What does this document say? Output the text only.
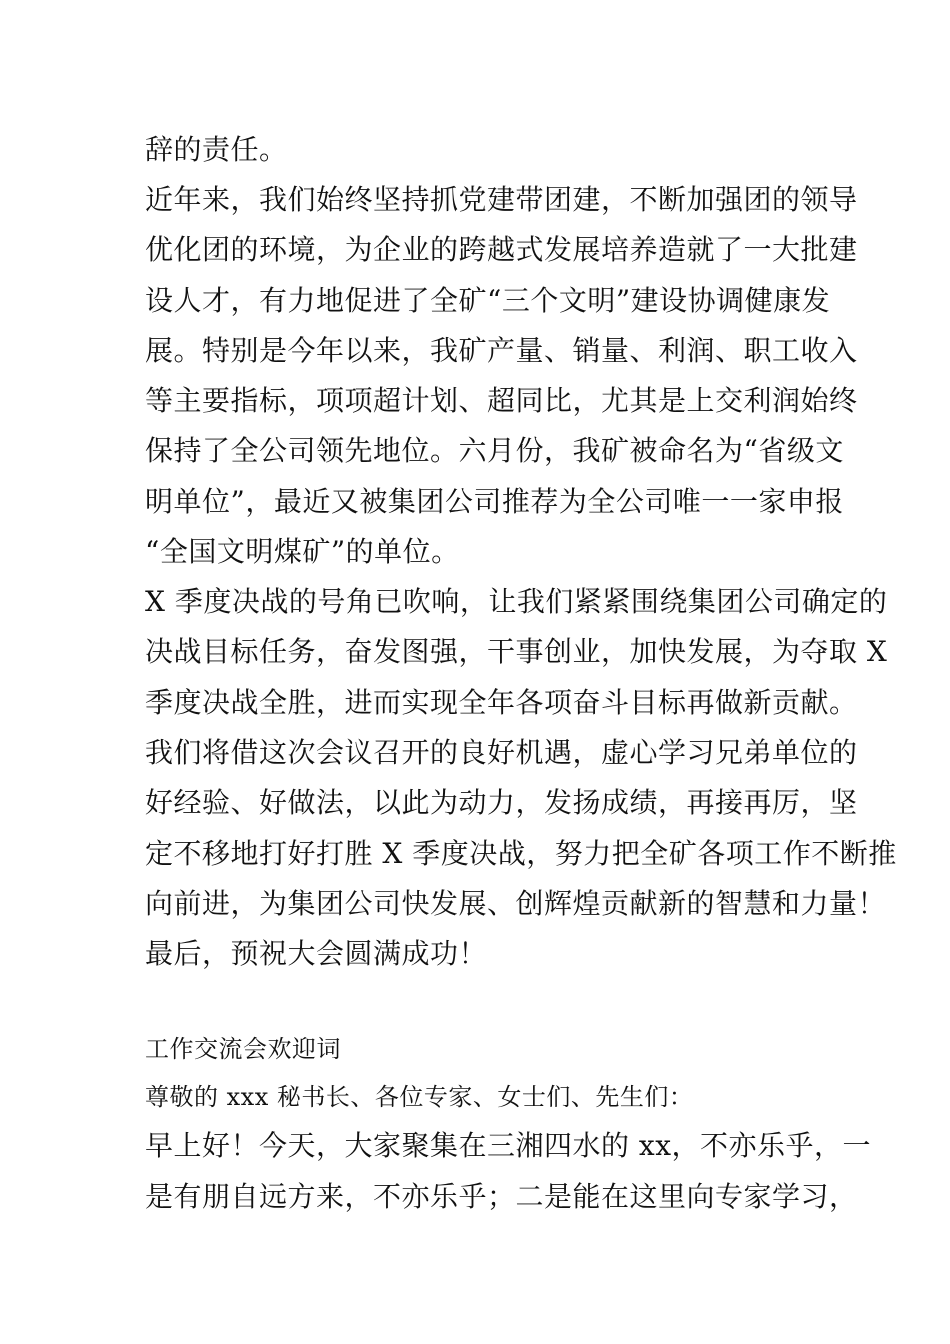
辞的责任。
近年来，我们始终坚持抓党建带团建，不断加强团的领导
优化团的环境，为企业的跨越式发展培养造就了一大批建
设人才，有力地促进了全矿“三个文明”建设协调健康发
展。特别是今年以来，我矿产量、销量、利润、职工收入
等主要指标，项项超计划、超同比，尤其是上交利润始终
保持了全公司领先地位。六月份，我矿被命名为“省级文
明单位”，最近又被集团公司推荐为全公司唯一一家申报
“全国文明煤矿”的单位。
X 季度决战的号角已吹响，让我们紧紧围绕集团公司确定的
决战目标任务，奋发图强，干事创业，加快发展，为夺取 X
季度决战全胜，进而实现全年各项奋斗目标再做新贡献。
我们将借这次会议召开的良好机遇，虚心学习兄弟单位的
好经验、好做法，以此为动力，发扬成绩，再接再厉，坚
定不移地打好打胜 X 季度决战，努力把全矿各项工作不断推
向前进，为集团公司快发展、创辉煌贡献新的智慧和力量！
最后，预祝大会圆满成功！
工作交流会欢迎词
尊敬的 xxx 秘书长、各位专家、女士们、先生们：
早上好！今天，大家聚集在三湘四水的 xx，不亦乐乎，一
是有朋自远方来，不亦乐乎；二是能在这里向专家学习，
